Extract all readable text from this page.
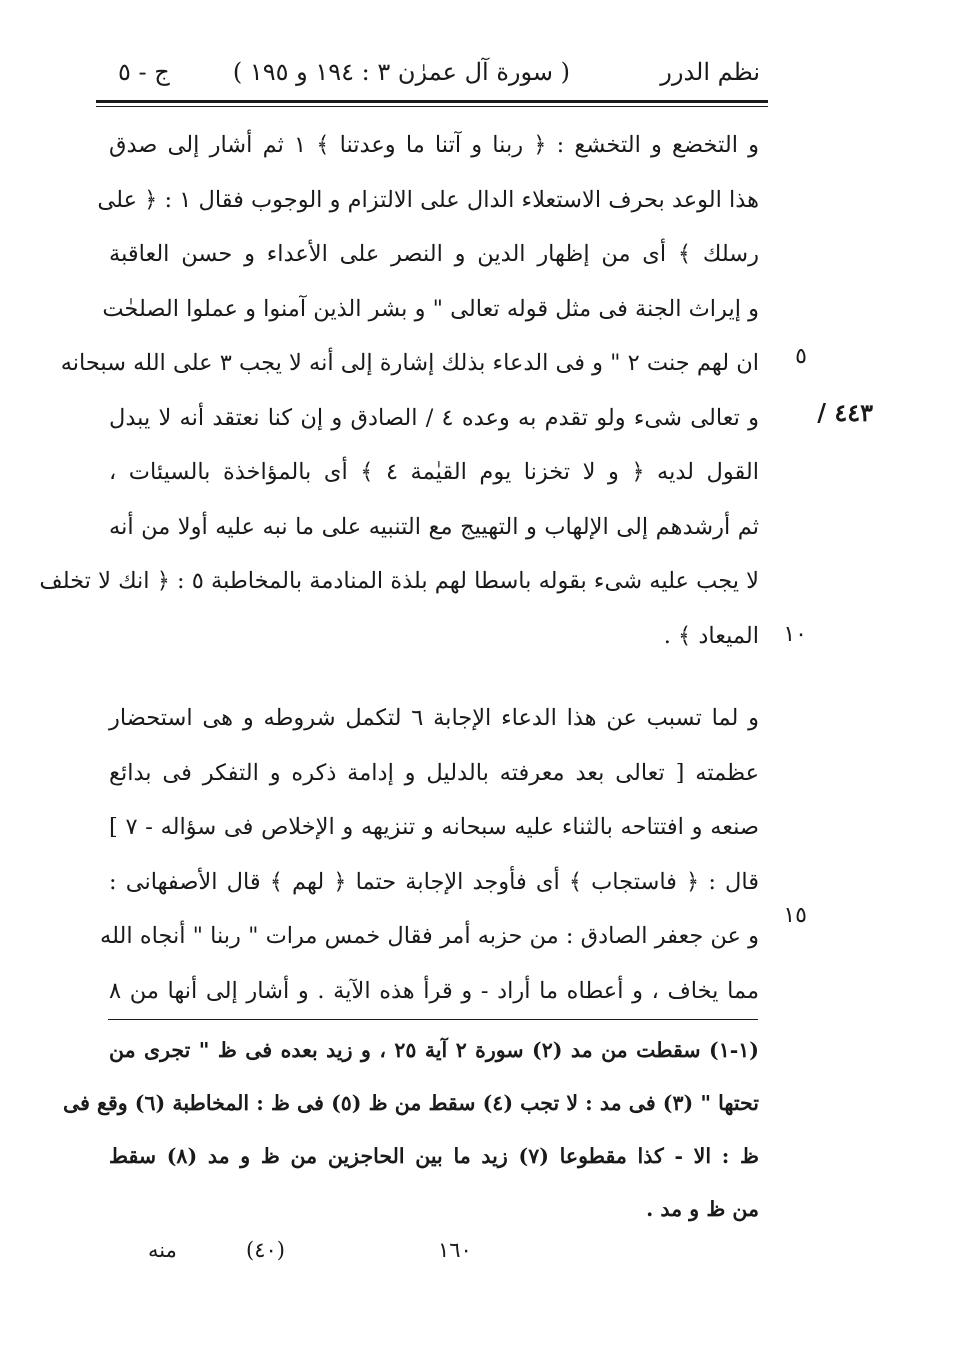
نظم الدرر
( سورة آل عمرٰن ٣ : ١٩٤ و ١٩٥ )
ج - ٥
٤٤٣ /
٥
١٠
١٥
و التخضع و التخشع : ﴿ ربنا و آتنا ما وعدتنا ﴾ ١ ثم أشار إلى صدق
هذا الوعد بحرف الاستعلاء الدال على الالتزام و الوجوب فقال ١ : ﴿ على
رسلك ﴾ أى من إظهار الدين و النصر على الأعداء و حسن العاقبة
و إيراث الجنة فى مثل قوله تعالى " و بشر الذين آمنوا و عملوا الصلحٰت
ان لهم جنت ٢ " و فى الدعاء بذلك إشارة إلى أنه لا يجب ٣ على الله سبحانه
و تعالى شىء ولو تقدم به وعده ٤ / الصادق و إن كنا نعتقد أنه لا يبدل
القول لديه ﴿ و لا تخزنا يوم القيٰمة ٤ ﴾ أى بالمؤاخذة بالسيئات ،
ثم أرشدهم إلى الإلهاب و التهييج مع التنبيه على ما نبه عليه أولا من أنه
لا يجب عليه شىء بقوله باسطا لهم بلذة المنادمة بالمخاطبة ٥ : ﴿ انك لا تخلف
الميعاد ﴾ .
و لما تسبب عن هذا الدعاء الإجابة ٦ لتكمل شروطه و هى استحضار
عظمته [ تعالى بعد معرفته بالدليل و إدامة ذكره و التفكر فى بدائع
صنعه و افتتاحه بالثناء عليه سبحانه و تنزيهه و الإخلاص فى سؤاله - ٧ ]
قال : ﴿ فاستجاب ﴾ أى فأوجد الإجابة حتما ﴿ لهم ﴾ قال الأصفهانى :
و عن جعفر الصادق : من حزبه أمر فقال خمس مرات " ربنا " أنجاه الله
مما يخاف ، و أعطاه ما أراد - و قرأ هذه الآية . و أشار إلى أنها من ٨
(١-١) سقطت من مد (٢) سورة ٢ آية ٢٥ ، و زيد بعده فى ظ " تجرى من
تحتها " (٣) فى مد : لا تجب (٤) سقط من ظ (٥) فى ظ : المخاطبة (٦) وقع فى
ظ : الا - كذا مقطوعا (٧) زيد ما بين الحاجزين من ظ و مد (٨) سقط
من ظ و مد .
١٦٠
(٤٠)
منه
